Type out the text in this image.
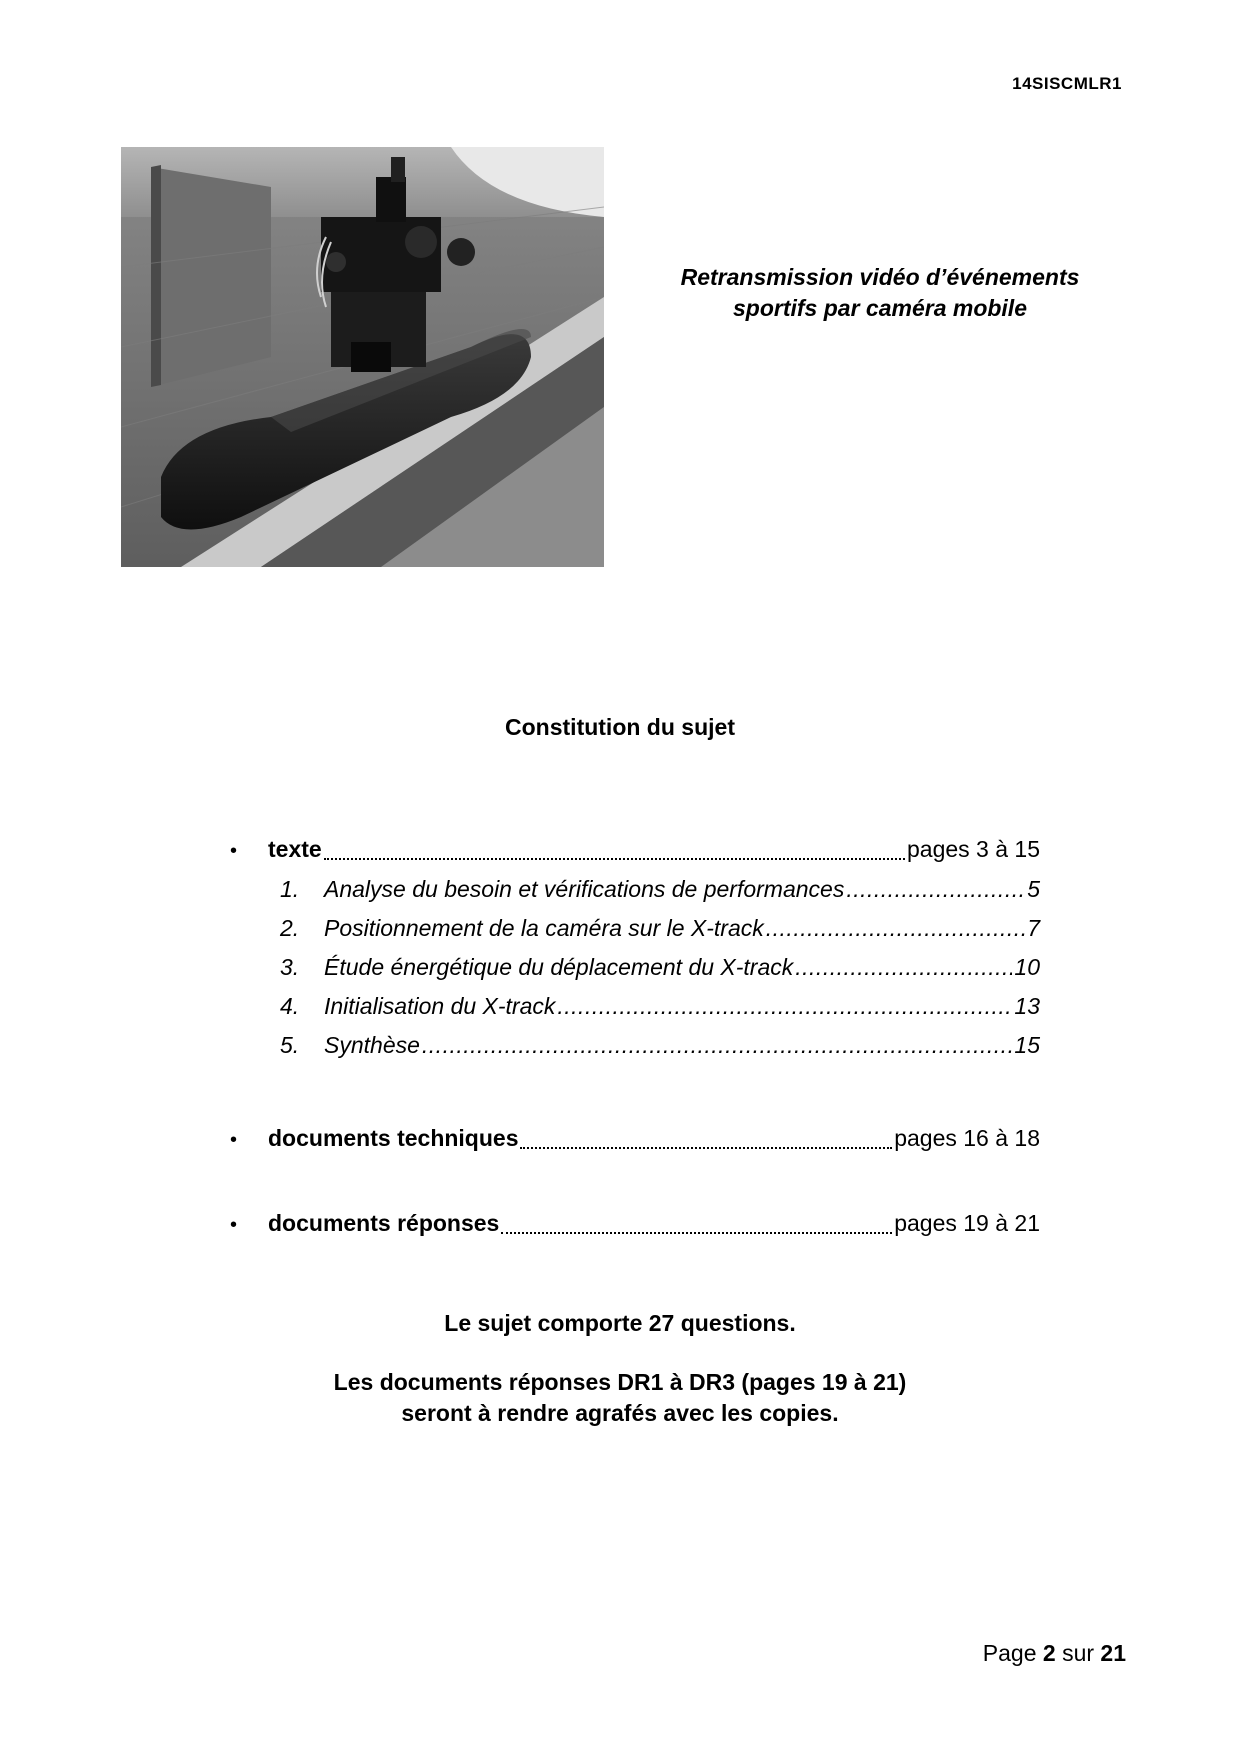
14SISCMLR1
Retransmission vidéo d’événements
sportifs par caméra mobile
Constitution du sujet
•	texte	pages 3 à 15
1.	Analyse du besoin et vérifications de performances .....	5
2.	Positionnement de la caméra sur le X-track .....	7
3.	Étude énergétique du déplacement du X-track .....	10
4.	Initialisation du X-track .....	13
5.	Synthèse .....	15
•	documents techniques	pages 16 à 18
•	documents réponses	pages 19 à 21
Le sujet comporte 27 questions.
Les documents réponses DR1 à DR3 (pages 19 à 21)
seront à rendre agrafés avec les copies.
Page 2 sur 21
